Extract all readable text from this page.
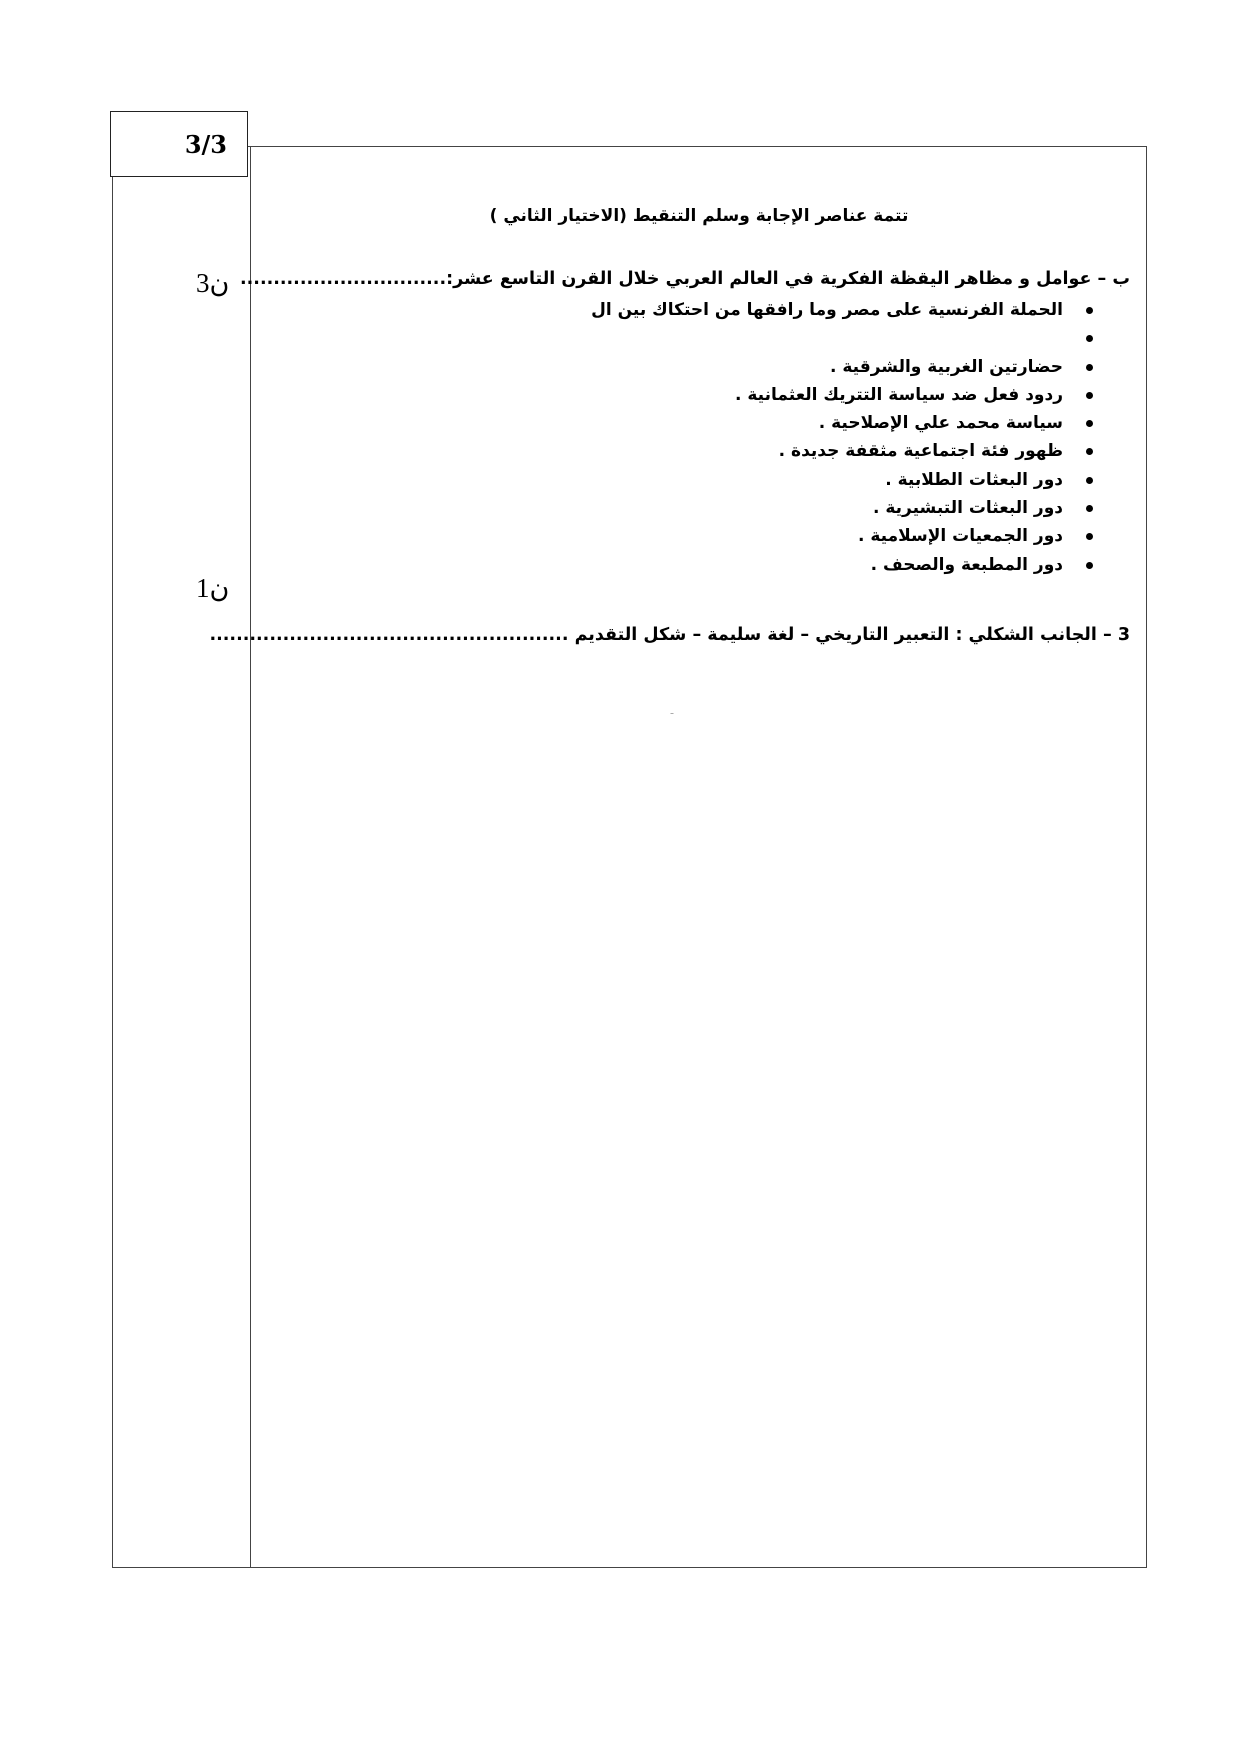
3/3
3ن
1ن
تتمة عناصر الإجابة وسلم التنقيط (الاختيار الثاني )
ب – عوامل و مظاهر اليقظة الفكرية في العالم العربي خلال القرن التاسع عشر:...............................
الحملة الفرنسية على مصر وما رافقها من احتكاك بين ال
حضارتين الغربية والشرقية .
ردود فعل ضد سياسة التتريك العثمانية .
سياسة محمد علي الإصلاحية .
ظهور فئة اجتماعية مثقفة جديدة .
دور البعثات الطلابية .
دور البعثات التبشيرية .
دور الجمعيات الإسلامية .
دور المطبعة والصحف .
3 – الجانب الشكلي : التعبير التاريخي – لغة سليمة – شكل التقديم ......................................................
